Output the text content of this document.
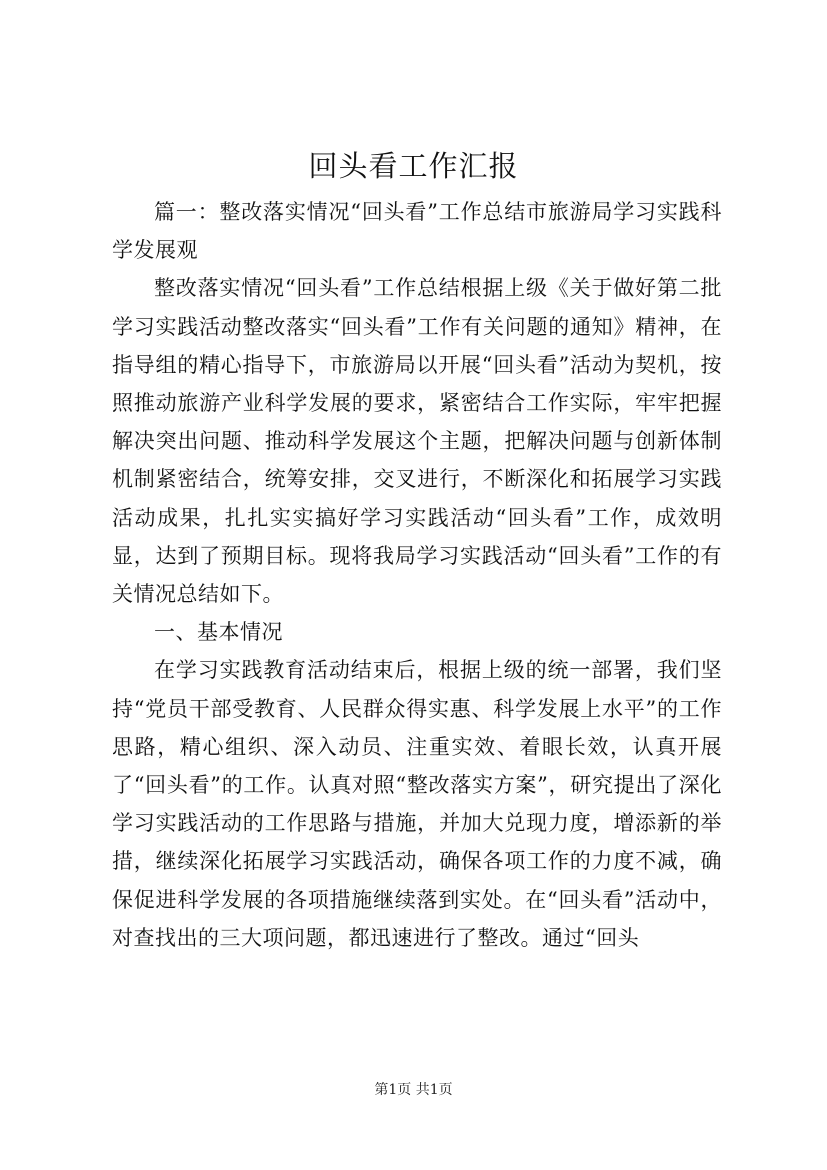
回头看工作汇报

篇一：整改落实情况“回头看”工作总结市旅游局学习实践科学发展观

整改落实情况“回头看”工作总结根据上级《关于做好第二批学习实践活动整改落实“回头看”工作有关问题的通知》精神，在指导组的精心指导下，市旅游局以开展“回头看”活动为契机，按照推动旅游产业科学发展的要求，紧密结合工作实际，牢牢把握解决突出问题、推动科学发展这个主题，把解决问题与创新体制机制紧密结合，统筹安排，交叉进行，不断深化和拓展学习实践活动成果，扎扎实实搞好学习实践活动“回头看”工作，成效明显，达到了预期目标。现将我局学习实践活动“回头看”工作的有关情况总结如下。

一、基本情况

在学习实践教育活动结束后，根据上级的统一部署，我们坚持“党员干部受教育、人民群众得实惠、科学发展上水平”的工作思路，精心组织、深入动员、注重实效、着眼长效，认真开展了“回头看”的工作。认真对照“整改落实方案”，研究提出了深化学习实践活动的工作思路与措施，并加大兑现力度，增添新的举措，继续深化拓展学习实践活动，确保各项工作的力度不减，确保促进科学发展的各项措施继续落到实处。在“回头看”活动中，对查找出的三大项问题，都迅速进行了整改。通过“回头

第1页 共1页
